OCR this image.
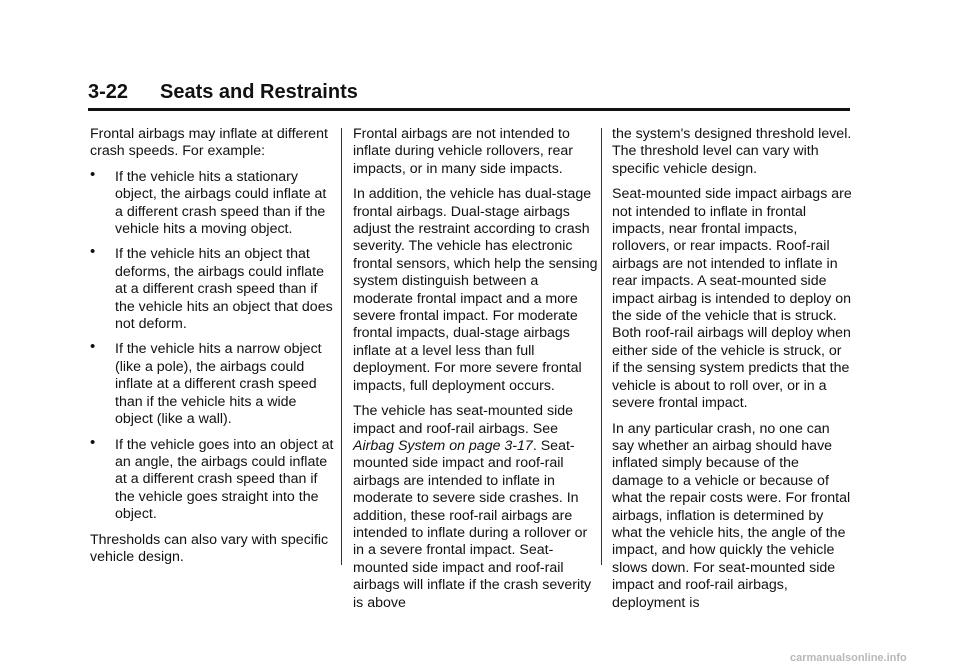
3-22 Seats and Restraints

Frontal airbags may inflate at different crash speeds. For example:

• If the vehicle hits a stationary object, the airbags could inflate at a different crash speed than if the vehicle hits a moving object.
• If the vehicle hits an object that deforms, the airbags could inflate at a different crash speed than if the vehicle hits an object that does not deform.
• If the vehicle hits a narrow object (like a pole), the airbags could inflate at a different crash speed than if the vehicle hits a wide object (like a wall).
• If the vehicle goes into an object at an angle, the airbags could inflate at a different crash speed than if the vehicle goes straight into the object.

Thresholds can also vary with specific vehicle design.

Frontal airbags are not intended to inflate during vehicle rollovers, rear impacts, or in many side impacts.

In addition, the vehicle has dual-stage frontal airbags. Dual-stage airbags adjust the restraint according to crash severity. The vehicle has electronic frontal sensors, which help the sensing system distinguish between a moderate frontal impact and a more severe frontal impact. For moderate frontal impacts, dual-stage airbags inflate at a level less than full deployment. For more severe frontal impacts, full deployment occurs.

The vehicle has seat-mounted side impact and roof-rail airbags. See Airbag System on page 3-17. Seat-mounted side impact and roof-rail airbags are intended to inflate in moderate to severe side crashes. In addition, these roof-rail airbags are intended to inflate during a rollover or in a severe frontal impact. Seat-mounted side impact and roof-rail airbags will inflate if the crash severity is above

the system's designed threshold level. The threshold level can vary with specific vehicle design.

Seat-mounted side impact airbags are not intended to inflate in frontal impacts, near frontal impacts, rollovers, or rear impacts. Roof-rail airbags are not intended to inflate in rear impacts. A seat-mounted side impact airbag is intended to deploy on the side of the vehicle that is struck. Both roof-rail airbags will deploy when either side of the vehicle is struck, or if the sensing system predicts that the vehicle is about to roll over, or in a severe frontal impact.

In any particular crash, no one can say whether an airbag should have inflated simply because of the damage to a vehicle or because of what the repair costs were. For frontal airbags, inflation is determined by what the vehicle hits, the angle of the impact, and how quickly the vehicle slows down. For seat-mounted side impact and roof-rail airbags, deployment is

carmanualsonline.info
